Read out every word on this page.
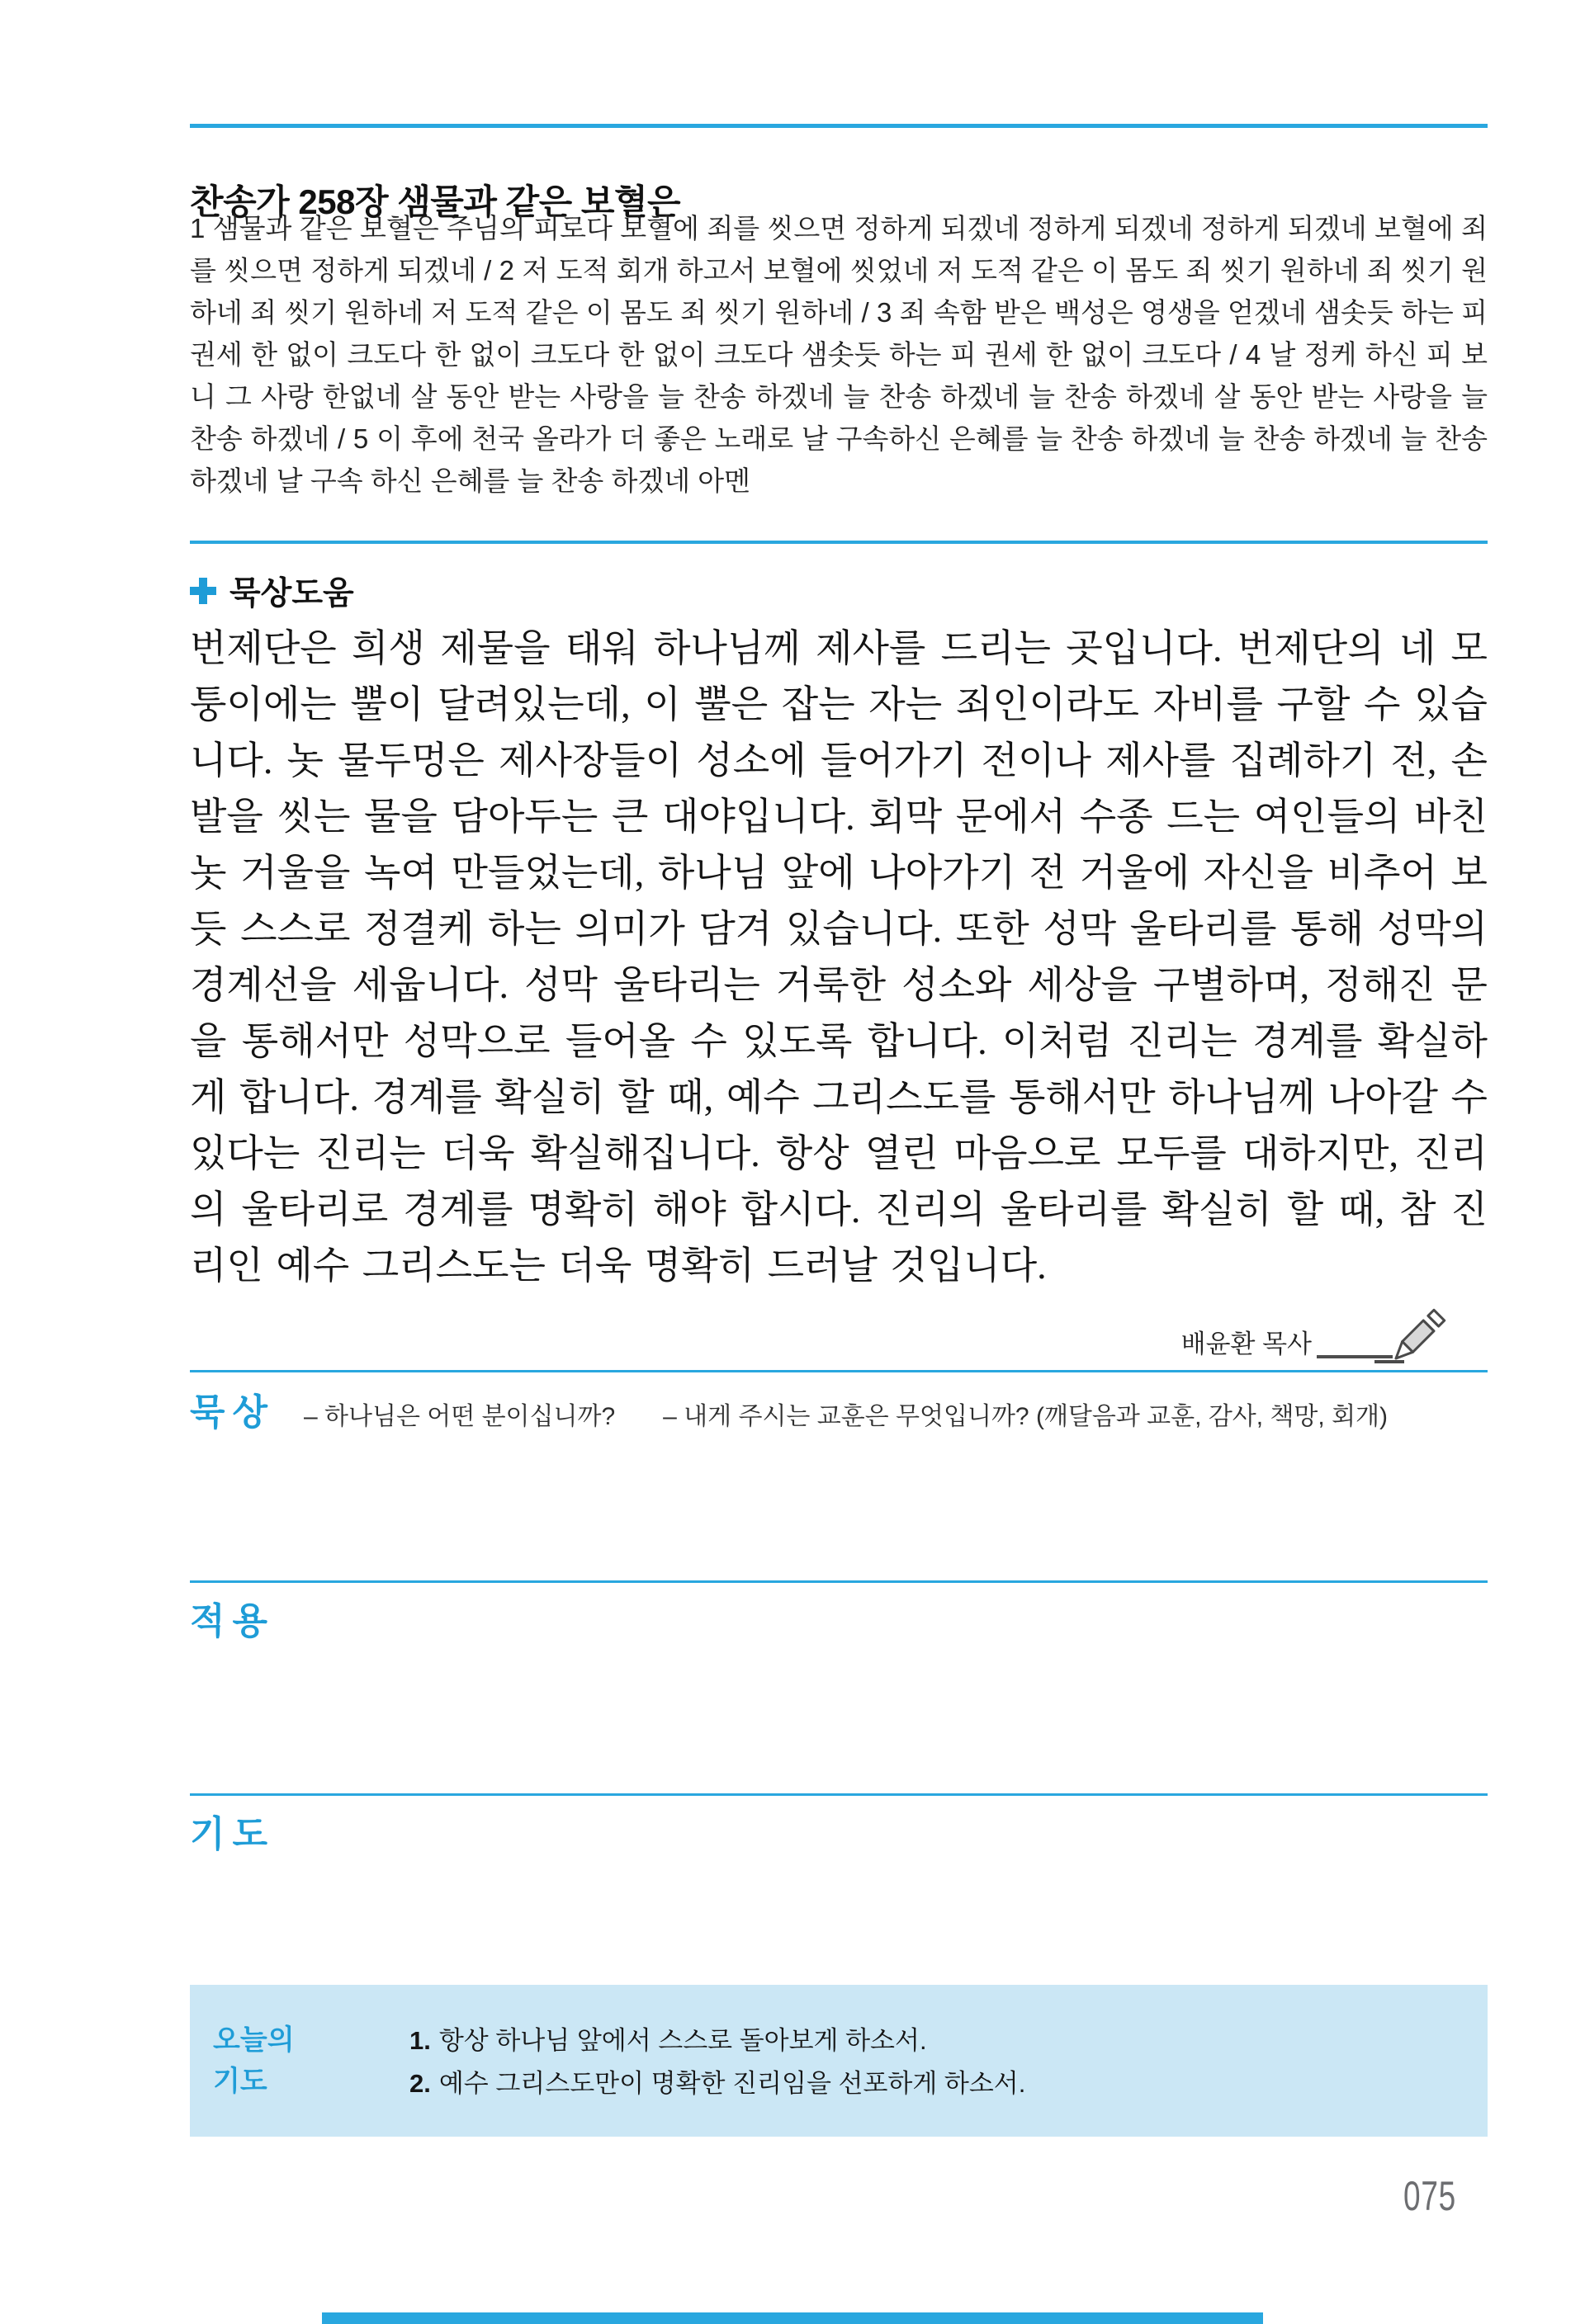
찬송가 258장 샘물과 같은 보혈은

1 샘물과 같은 보혈은 주님의 피로다 보혈에 죄를 씻으면 정하게 되겠네 정하게 되겠네 정하게 되겠네 보혈에 죄를 씻으면 정하게 되겠네 / 2 저 도적 회개 하고서 보혈에 씻었네 저 도적 같은 이 몸도 죄 씻기 원하네 죄 씻기 원하네 죄 씻기 원하네 저 도적 같은 이 몸도 죄 씻기 원하네 / 3 죄 속함 받은 백성은 영생을 얻겠네 샘솟듯 하는 피 권세 한 없이 크도다 한 없이 크도다 한 없이 크도다 샘솟듯 하는 피 권세 한 없이 크도다 / 4 날 정케 하신 피 보니 그 사랑 한없네 살 동안 받는 사랑을 늘 찬송 하겠네 늘 찬송 하겠네 늘 찬송 하겠네 살 동안 받는 사랑을 늘 찬송 하겠네 / 5 이 후에 천국 올라가 더 좋은 노래로 날 구속하신 은혜를 늘 찬송 하겠네 늘 찬송 하겠네 늘 찬송 하겠네 날 구속 하신 은혜를 늘 찬송 하겠네 아멘

묵상도움

번제단은 희생 제물을 태워 하나님께 제사를 드리는 곳입니다. 번제단의 네 모퉁이에는 뿔이 달려있는데, 이 뿔은 잡는 자는 죄인이라도 자비를 구할 수 있습니다. 놋 물두멍은 제사장들이 성소에 들어가기 전이나 제사를 집례하기 전, 손발을 씻는 물을 담아두는 큰 대야입니다. 회막 문에서 수종 드는 여인들의 바친 놋 거울을 녹여 만들었는데, 하나님 앞에 나아가기 전 거울에 자신을 비추어 보듯 스스로 정결케 하는 의미가 담겨 있습니다. 또한 성막 울타리를 통해 성막의 경계선을 세웁니다. 성막 울타리는 거룩한 성소와 세상을 구별하며, 정해진 문을 통해서만 성막으로 들어올 수 있도록 합니다. 이처럼 진리는 경계를 확실하게 합니다. 경계를 확실히 할 때, 예수 그리스도를 통해서만 하나님께 나아갈 수 있다는 진리는 더욱 확실해집니다. 항상 열린 마음으로 모두를 대하지만, 진리의 울타리로 경계를 명확히 해야 합시다. 진리의 울타리를 확실히 할 때, 참 진리인 예수 그리스도는 더욱 명확히 드러날 것입니다.

배윤환 목사
묵상 – 하나님은 어떤 분이십니까? – 내게 주시는 교훈은 무엇입니까? (깨달음과 교훈, 감사, 책망, 회개)
적용
기도
오늘의
기도
1. 항상 하나님 앞에서 스스로 돌아보게 하소서.
2. 예수 그리스도만이 명확한 진리임을 선포하게 하소서.
075
